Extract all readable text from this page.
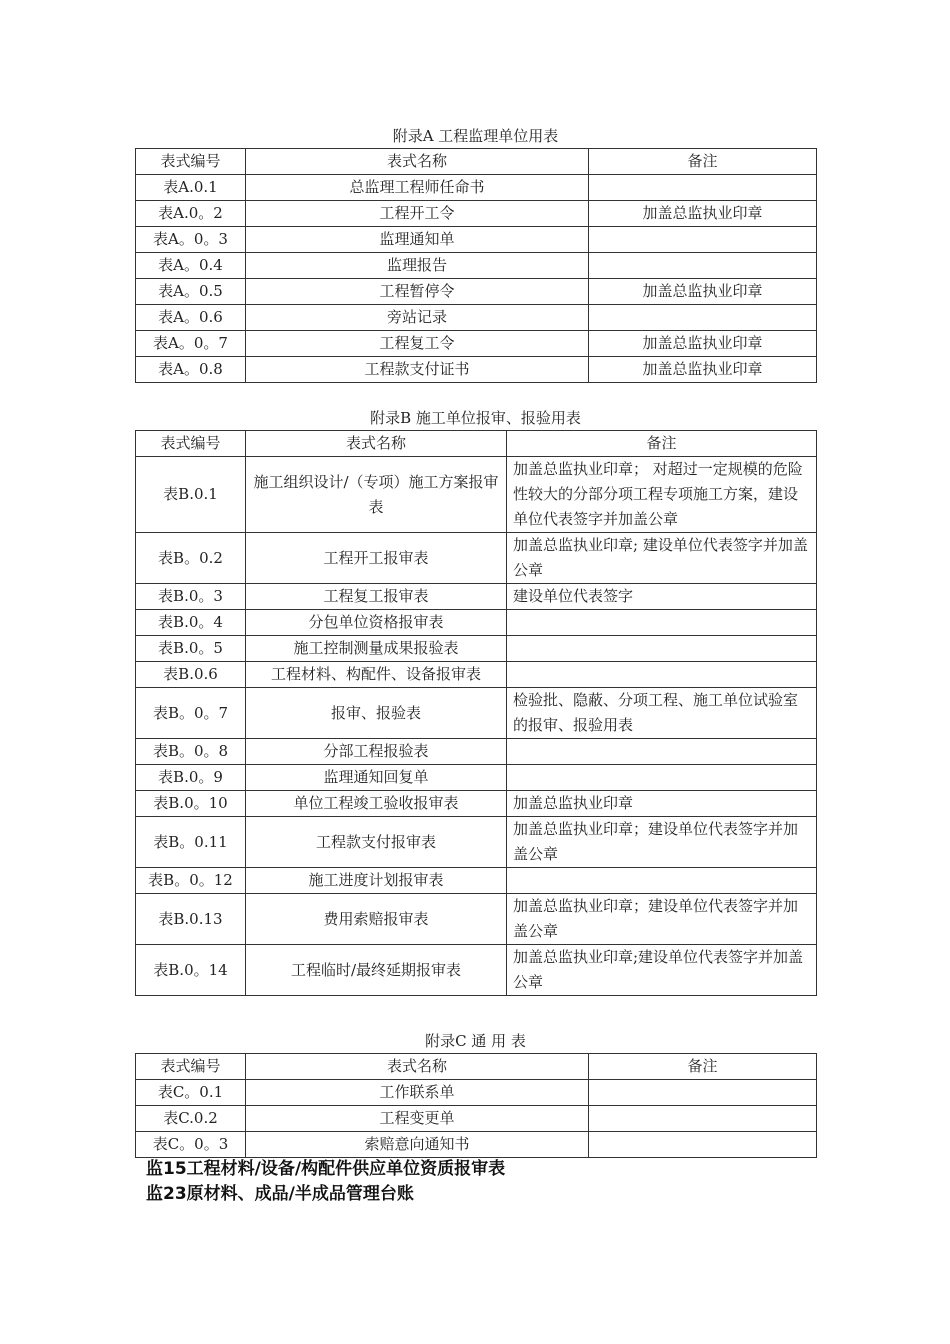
附录A 工程监理单位用表
表式编号	表式名称	备注
表A.0.1	总监理工程师任命书	
表A.0。2	工程开工令	加盖总监执业印章
表A。0。3	监理通知单	
表A。0.4	监理报告	
表A。0.5	工程暂停令	加盖总监执业印章
表A。0.6	旁站记录	
表A。0。7	工程复工令	加盖总监执业印章
表A。0.8	工程款支付证书	加盖总监执业印章
附录B 施工单位报审、报验用表
表式编号	表式名称	备注
表B.0.1	施工组织设计/（专项）施工方案报审表	加盖总监执业印章； 对超过一定规模的危险性较大的分部分项工程专项施工方案，建设单位代表签字并加盖公章
表B。0.2	工程开工报审表	加盖总监执业印章; 建设单位代表签字并加盖公章
表B.0。3	工程复工报审表	建设单位代表签字
表B.0。4	分包单位资格报审表	
表B.0。5	施工控制测量成果报验表	
表B.0.6	工程材料、构配件、设备报审表	
表B。0。7	报审、报验表	检验批、隐蔽、分项工程、施工单位试验室的报审、报验用表
表B。0。8	分部工程报验表	
表B.0。9	监理通知回复单	
表B.0。10	单位工程竣工验收报审表	加盖总监执业印章
表B。0.11	工程款支付报审表	加盖总监执业印章；建设单位代表签字并加盖公章
表B。0。12	施工进度计划报审表	
表B.0.13	费用索赔报审表	加盖总监执业印章；建设单位代表签字并加盖公章
表B.0。14	工程临时/最终延期报审表	加盖总监执业印章;建设单位代表签字并加盖公章
附录C 通 用 表
表式编号	表式名称	备注
表C。0.1	工作联系单	
表C.0.2	工程变更单	
表C。0。3	索赔意向通知书	
监15工程材料/设备/构配件供应单位资质报审表
监23原材料、成品/半成品管理台账
